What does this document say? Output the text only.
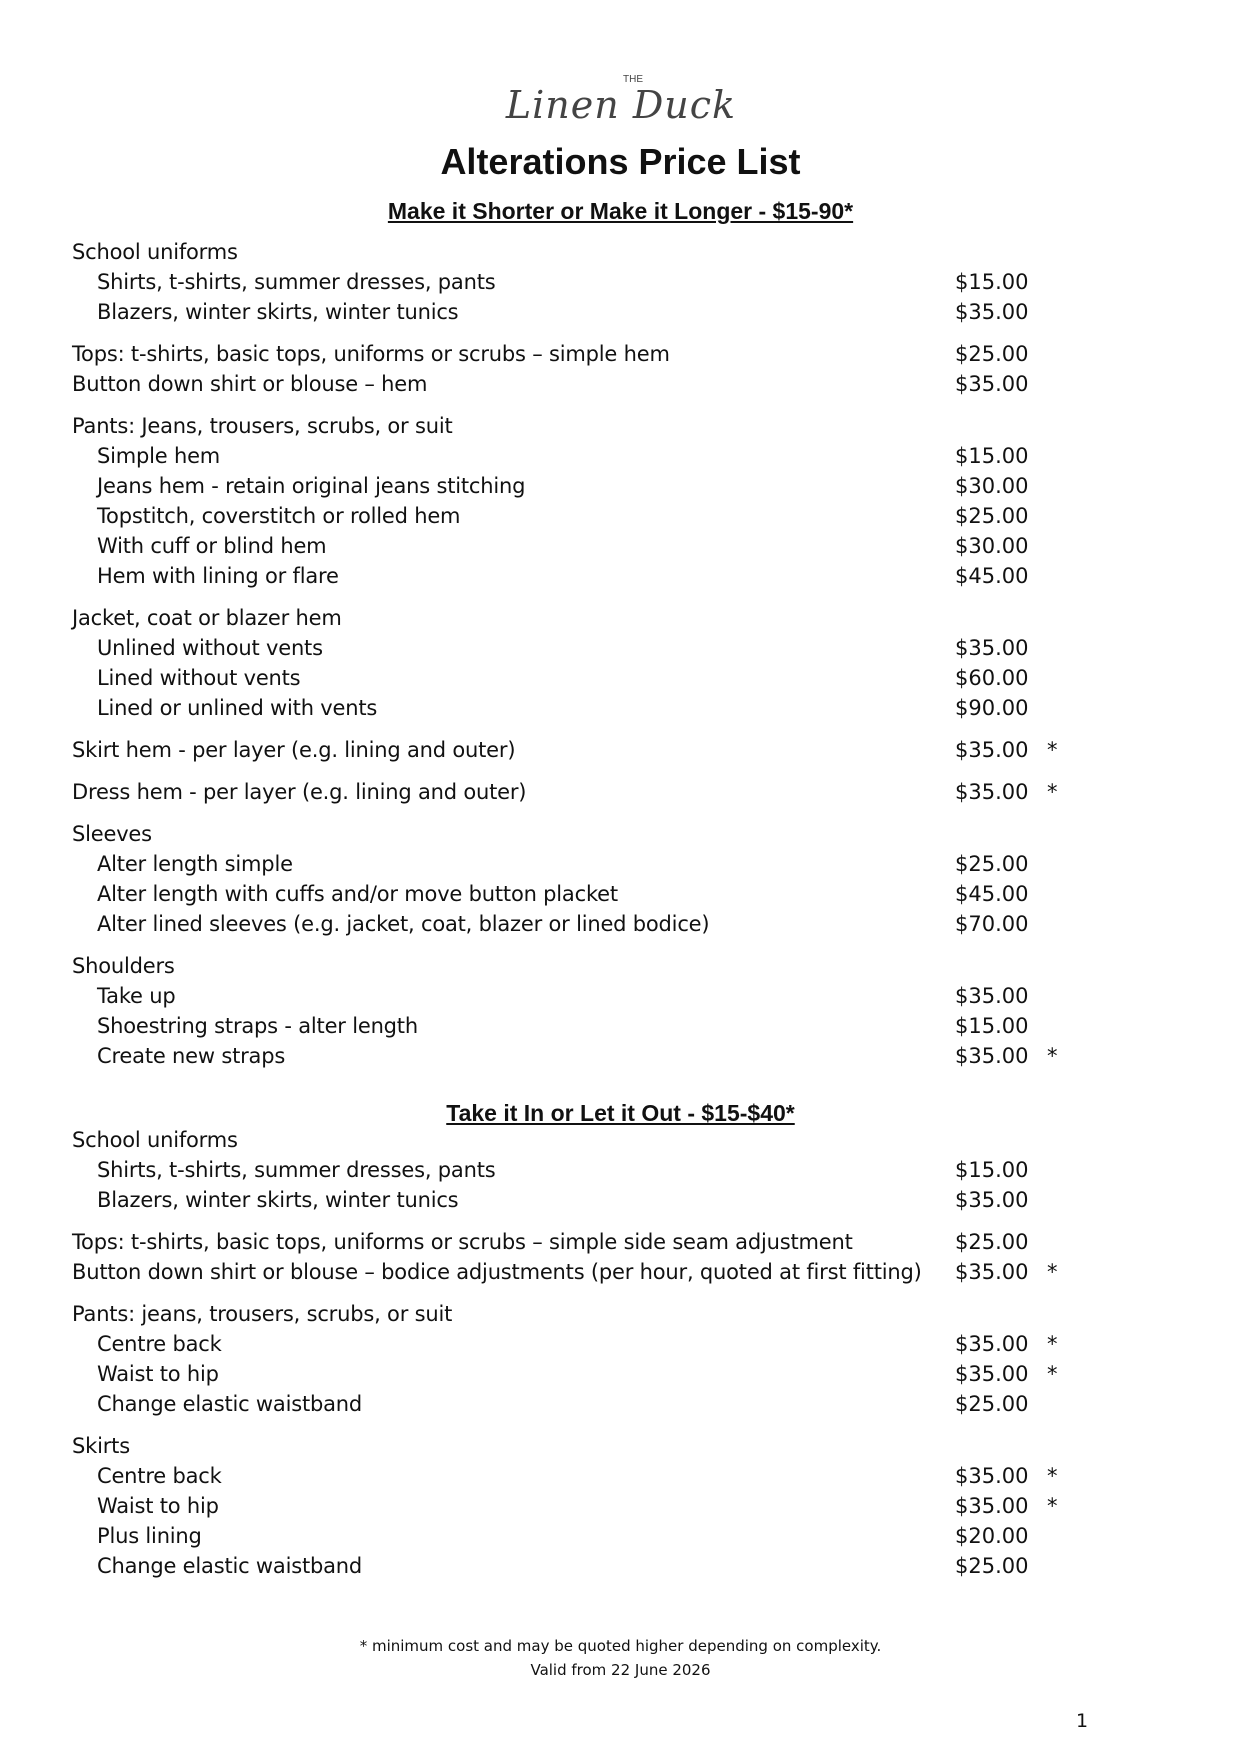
THE
Linen Duck
Alterations Price List
Make it Shorter or Make it Longer - $15-90*
School uniforms
Shirts, t-shirts, summer dresses, pants	$15.00
Blazers, winter skirts, winter tunics	$35.00
Tops: t-shirts, basic tops, uniforms or scrubs – simple hem	$25.00
Button down shirt or blouse – hem	$35.00
Pants: Jeans, trousers, scrubs, or suit
Simple hem	$15.00
Jeans hem - retain original jeans stitching	$30.00
Topstitch, coverstitch or rolled hem	$25.00
With cuff or blind hem	$30.00
Hem with lining or flare	$45.00
Jacket, coat or blazer hem
Unlined without vents	$35.00
Lined without vents	$60.00
Lined or unlined with vents	$90.00
Skirt hem - per layer (e.g. lining and outer)	$35.00 *
Dress hem - per layer (e.g. lining and outer)	$35.00 *
Sleeves
Alter length simple	$25.00
Alter length with cuffs and/or move button placket	$45.00
Alter lined sleeves (e.g. jacket, coat, blazer or lined bodice)	$70.00
Shoulders
Take up	$35.00
Shoestring straps - alter length	$15.00
Create new straps	$35.00 *
Take it In or Let it Out - $15-$40*
School uniforms
Shirts, t-shirts, summer dresses, pants	$15.00
Blazers, winter skirts, winter tunics	$35.00
Tops: t-shirts, basic tops, uniforms or scrubs – simple side seam adjustment	$25.00
Button down shirt or blouse – bodice adjustments (per hour, quoted at first fitting) $35.00 *
Pants: jeans, trousers, scrubs, or suit
Centre back	$35.00 *
Waist to hip	$35.00 *
Change elastic waistband	$25.00
Skirts
Centre back	$35.00 *
Waist to hip	$35.00 *
Plus lining	$20.00
Change elastic waistband	$25.00
* minimum cost and may be quoted higher depending on complexity.
Valid from 22 June 2026
1
